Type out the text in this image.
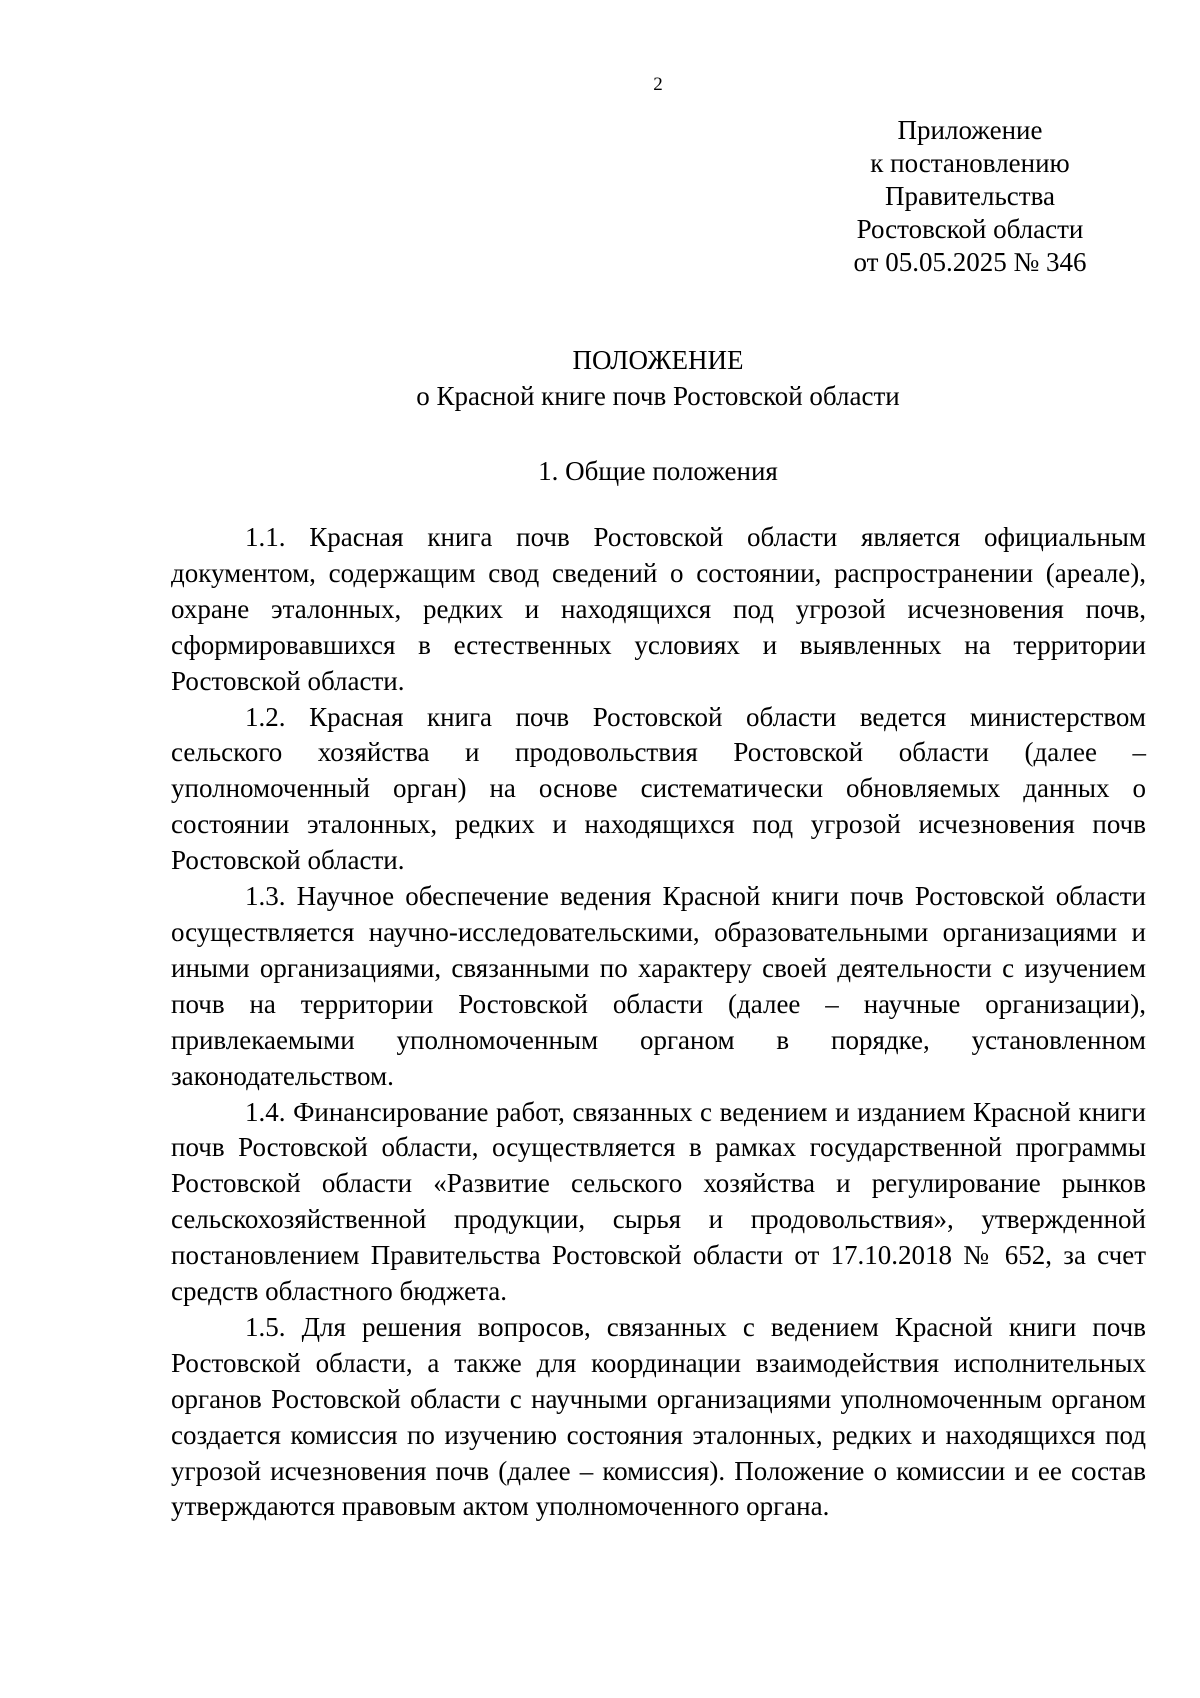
2
Приложение
к постановлению
Правительства
Ростовской области
от 05.05.2025 № 346
ПОЛОЖЕНИЕ
о Красной книге почв Ростовской области
1. Общие положения

1.1. Красная книга почв Ростовской области является официальным документом, содержащим свод сведений о состоянии, распространении (ареале), охране эталонных, редких и находящихся под угрозой исчезновения почв, сформировавшихся в естественных условиях и выявленных на территории Ростовской области.

1.2. Красная книга почв Ростовской области ведется министерством сельского хозяйства и продовольствия Ростовской области (далее – уполномоченный орган) на основе систематически обновляемых данных о состоянии эталонных, редких и находящихся под угрозой исчезновения почв Ростовской области.

1.3. Научное обеспечение ведения Красной книги почв Ростовской области осуществляется научно-исследовательскими, образовательными организациями и иными организациями, связанными по характеру своей деятельности с изучением почв на территории Ростовской области (далее – научные организации), привлекаемыми уполномоченным органом в порядке, установленном законодательством.

1.4. Финансирование работ, связанных с ведением и изданием Красной книги почв Ростовской области, осуществляется в рамках государственной программы Ростовской области «Развитие сельского хозяйства и регулирование рынков сельскохозяйственной продукции, сырья и продовольствия», утвержденной постановлением Правительства Ростовской области от 17.10.2018 № 652, за счет средств областного бюджета.

1.5. Для решения вопросов, связанных с ведением Красной книги почв Ростовской области, а также для координации взаимодействия исполнительных органов Ростовской области с научными организациями уполномоченным органом создается комиссия по изучению состояния эталонных, редких и находящихся под угрозой исчезновения почв (далее – комиссия). Положение о комиссии и ее состав утверждаются правовым актом уполномоченного органа.
